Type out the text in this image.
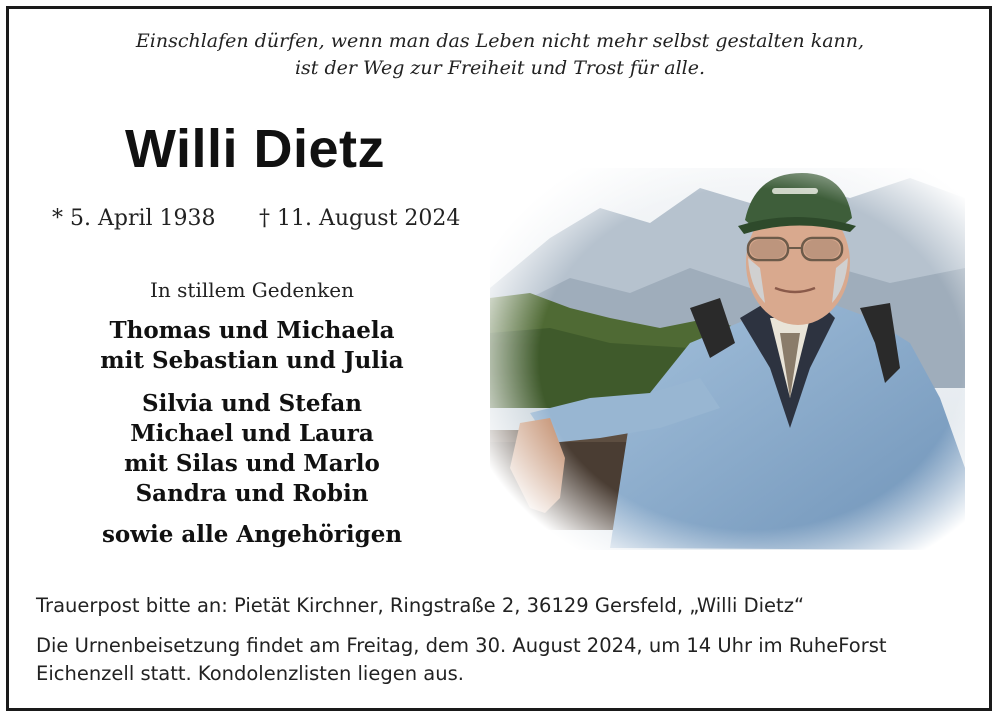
Einschlafen dürfen, wenn man das Leben nicht mehr selbst gestalten kann,
ist der Weg zur Freiheit und Trost für alle.
Willi Dietz
* 5. April 1938 † 11. August 2024
In stillem Gedenken
Thomas und Michaela
mit Sebastian und Julia
Silvia und Stefan
Michael und Laura
mit Silas und Marlo
Sandra und Robin
sowie alle Angehörigen
Trauerpost bitte an: Pietät Kirchner, Ringstraße 2, 36129 Gersfeld, „Willi Dietz“
Die Urnenbeisetzung findet am Freitag, dem 30. August 2024, um 14 Uhr im RuheForst
Eichenzell statt. Kondolenzlisten liegen aus.
